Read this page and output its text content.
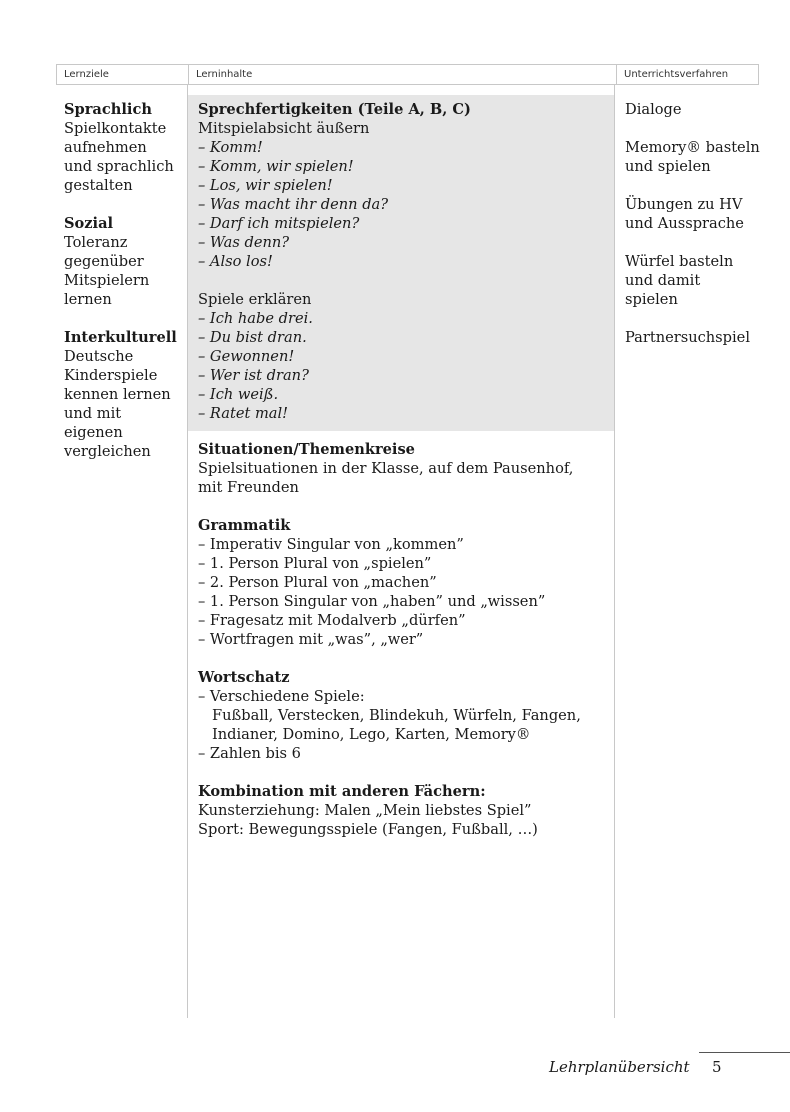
Lernziele	Lerninhalte	Unterrichtsverfahren

Sprachlich

Spielkontakte

aufnehmen

und sprachlich

gestalten

Sozial

Toleranz

gegenüber

Mitspielern

lernen

Interkulturell

Deutsche

Kinderspiele

kennen lernen

und mit

eigenen

vergleichen

Sprechfertigkeiten (Teile A, B, C)

Mitspielabsicht äußern

– Komm!

– Komm, wir spielen!

– Los, wir spielen!

– Was macht ihr denn da?

– Darf ich mitspielen?

– Was denn?

– Also los!

Spiele erklären

– Ich habe drei.

– Du bist dran.

– Gewonnen!

– Wer ist dran?

– Ich weiß.

– Ratet mal!

Situationen/Themenkreise

Spielsituationen in der Klasse, auf dem Pausenhof,

mit Freunden

Grammatik

– Imperativ Singular von „kommen”

– 1. Person Plural von „spielen”

– 2. Person Plural von „machen”

– 1. Person Singular von „haben” und „wissen”

– Fragesatz mit Modalverb „dürfen”

– Wortfragen mit „was”, „wer”

Wortschatz

– Verschiedene Spiele:

Fußball, Verstecken, Blindekuh, Würfeln, Fangen,

Indianer, Domino, Lego, Karten, Memory®

– Zahlen bis 6

Kombination mit anderen Fächern:

Kunsterziehung: Malen „Mein liebstes Spiel”

Sport: Bewegungsspiele (Fangen, Fußball, …)

Dialoge

Memory® basteln

und spielen

Übungen zu HV

und Aussprache

Würfel basteln

und damit

spielen

Partnersuchspiel

Lehrplanübersicht 5
